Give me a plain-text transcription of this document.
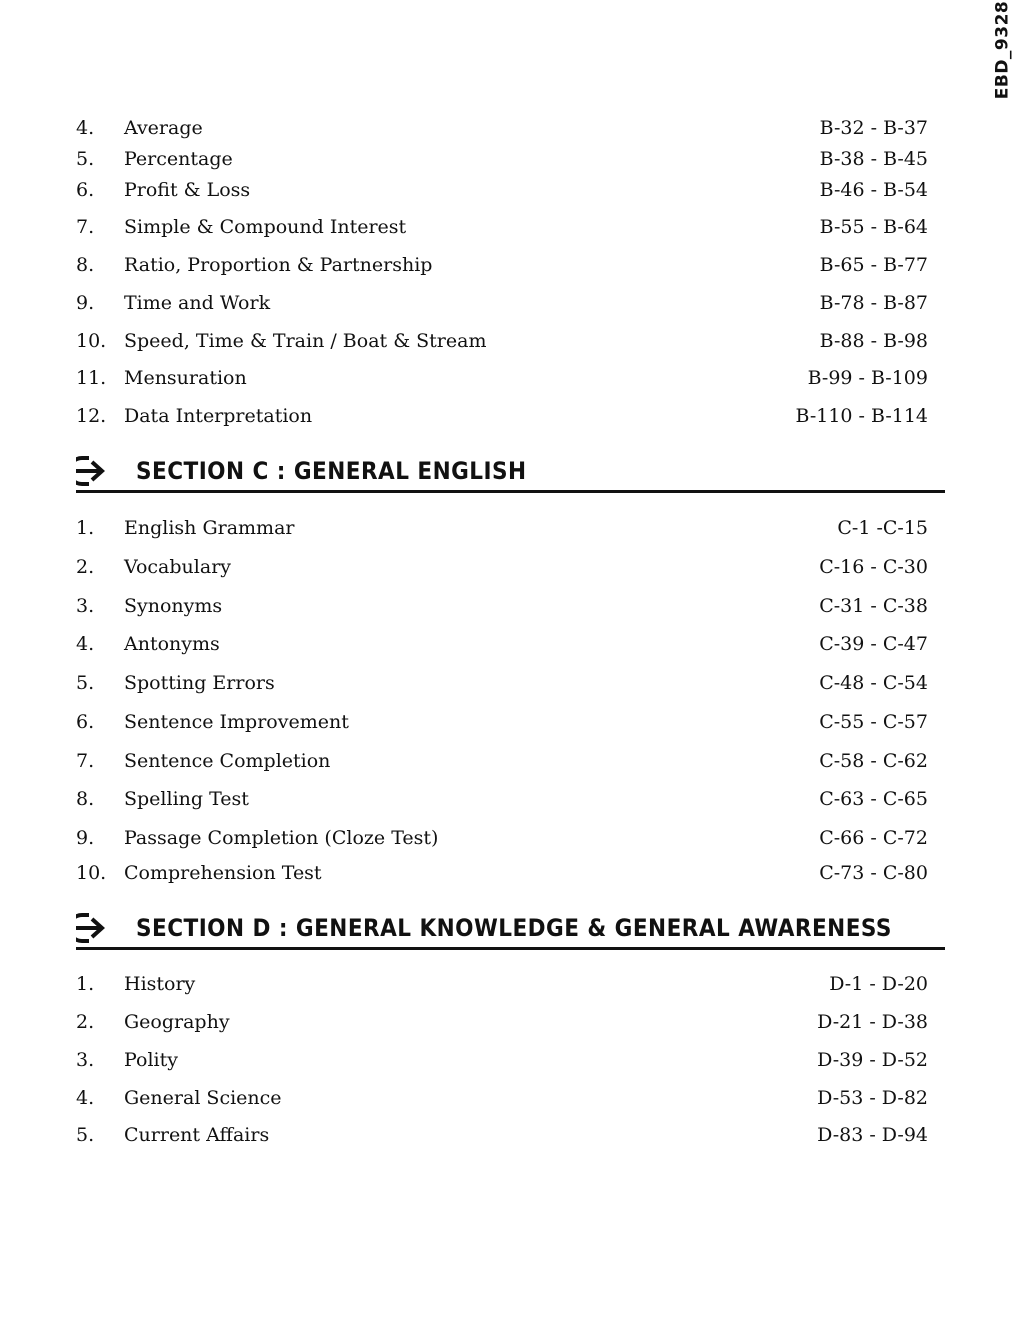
EBD_9328
4. Average	B-32 - B-37
5. Percentage	B-38 - B-45
6. Profit & Loss	B-46 - B-54
7. Simple & Compound Interest	B-55 - B-64
8. Ratio, Proportion & Partnership	B-65 - B-77
9. Time and Work	B-78 - B-87
10. Speed, Time & Train / Boat & Stream	B-88 - B-98
11. Mensuration	B-99 - B-109
12. Data Interpretation	B-110 - B-114
SECTION C : GENERAL ENGLISH
1. English Grammar	C-1 -C-15
2. Vocabulary	C-16 - C-30
3. Synonyms	C-31 - C-38
4. Antonyms	C-39 - C-47
5. Spotting Errors	C-48 - C-54
6. Sentence Improvement	C-55 - C-57
7. Sentence Completion	C-58 - C-62
8. Spelling Test	C-63 - C-65
9. Passage Completion (Cloze Test)	C-66 - C-72
10. Comprehension Test	C-73 - C-80
SECTION D : GENERAL KNOWLEDGE & GENERAL AWARENESS
1. History	D-1 - D-20
2. Geography	D-21 - D-38
3. Polity	D-39 - D-52
4. General Science	D-53 - D-82
5. Current Affairs	D-83 - D-94
